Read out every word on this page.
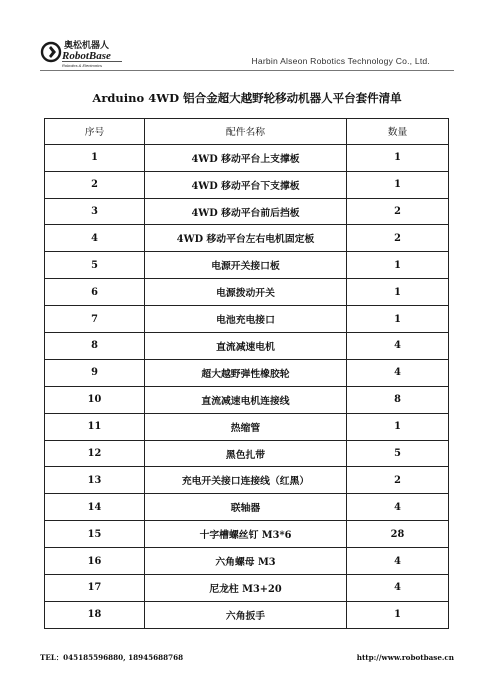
奥松机器人
RobotBase
Robotics & Electronics	Harbin Alseon Robotics Technology Co., Ltd.
Arduino 4WD 铝合金超大越野轮移动机器人平台套件清单
序号	配件名称	数量
1	4WD 移动平台上支撑板	1
2	4WD 移动平台下支撑板	1
3	4WD 移动平台前后挡板	2
4	4WD 移动平台左右电机固定板	2
5	电源开关接口板	1
6	电源拨动开关	1
7	电池充电接口	1
8	直流减速电机	4
9	超大越野弹性橡胶轮	4
10	直流减速电机连接线	8
11	热缩管	1
12	黑色扎带	5
13	充电开关接口连接线（红黑）	2
14	联轴器	4
15	十字槽螺丝钉 M3*6	28
16	六角螺母 M3	4
17	尼龙柱 M3+20	4
18	六角扳手	1
TEL：045185596880, 18945688768	http://www.robotbase.cn
